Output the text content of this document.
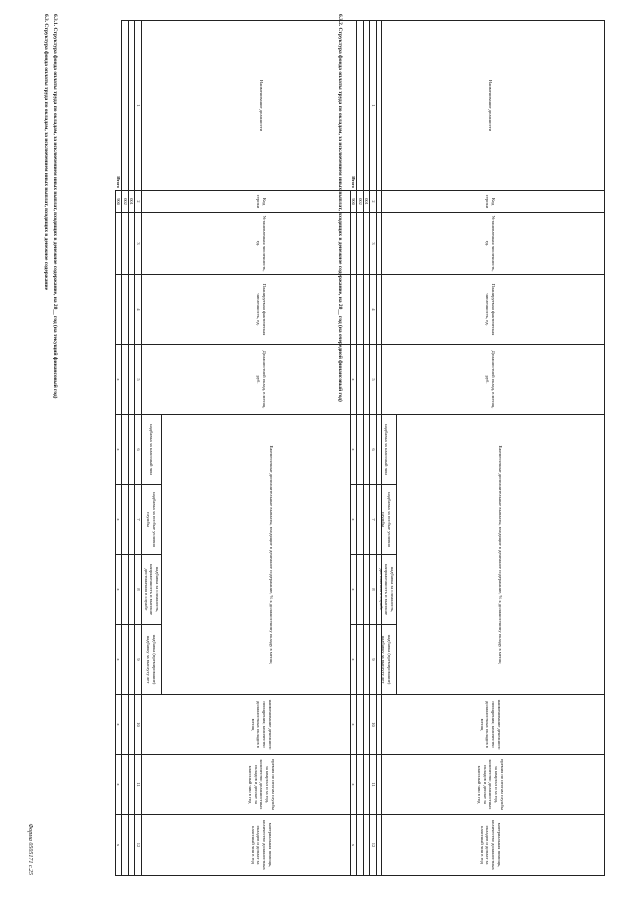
Форма 0505171 с.25
6.3. Структура фонда оплаты труда по окладам, за исключением иных выплат, входящих в денежное содержание 6.3.1. Структура фонда оплаты труда по окладам, за исключением иных выплат, входящих в денежное содержание, на 20__ год (на текущий финансовый год)	Наименование должности	Код строки	Установленная численность, ед.	Планируемая фактическая численность, ед.	Должностной оклад, в месяц, руб.	Ежемесячные дополнительные выплаты, входящие в денежное содержание, % к должностному окладу в месяц				наименование денежного поощрения; количество должностных окладов в месяц	премия по итогам службы за квартал и за год, количество должностных окладов и доплат за классный чин в год	материальная помощь, количество должностных окладов и доплат за классный чин в год
					надбавка за классный чин	надбавка за особые условия службы	надбавка за сложность, напряженность и высокие достижения в службе	надбавка (премирование) надбавку за выслугу лет			
1	2	3	4	5	6	7	8	9	10	11	12
	001										
	002										
Итого	900			x	x	x	x	x	x	x	x
6.3.2. Структура фонда оплаты труда по окладам, за исключением иных выплат, входящих в денежное содержание, на 20__ год (на очередной финансовый год)	Наименование должности	Код строки	Установленная численность, ед.	Планируемая фактическая численность, ед.	Должностной оклад, в месяц, руб.	Ежемесячные дополнительные выплаты, входящие в денежное содержание, % к должностному окладу в месяц				наименование денежного поощрения; количество должностных окладов в месяц	премия по итогам службы за квартал и за год, количество должностных окладов и доплат за классный чин в год	материальная помощь, количество должностных окладов и доплат за классный чин в год
					надбавка за классный чин	надбавка за особые условия службы	надбавка за сложность, напряженность и высокие достижения в службе	надбавка (премирование) надбавку за выслугу лет			
1	2	3	4	5	6	7	8	9	10	11	12
	001										
	002										
Итого	900			x	x	x	x	x	x	x	x
